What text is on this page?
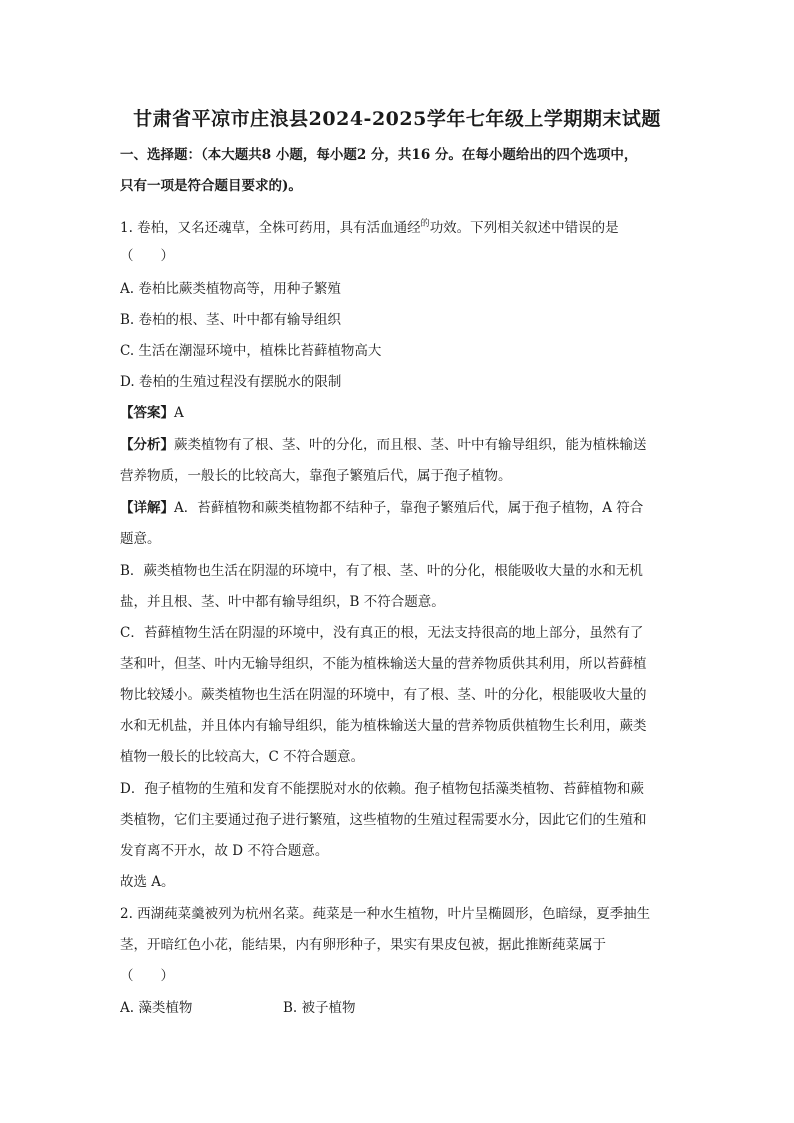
甘肃省平凉市庄浪县2024-2025学年七年级上学期期末试题
一、选择题：（本大题共8 小题，每小题2 分，共16 分。在每小题给出的四个选项中，
只有一项是符合题目要求的)。
1. 卷柏，又名还魂草，全株可药用，具有活血通经$^的$功效。下列相关叙述中错误的是
（　　）
A. 卷柏比蕨类植物高等，用种子繁殖
B. 卷柏的根、茎、叶中都有输导组织
C. 生活在潮湿环境中，植株比苔藓植物高大
D. 卷柏的生殖过程没有摆脱水的限制
【答案】A
【分析】蕨类植物有了根、茎、叶的分化，而且根、茎、叶中有输导组织，能为植株输送
营养物质，一般长的比较高大，靠孢子繁殖后代，属于孢子植物。
【详解】A．苔藓植物和蕨类植物都不结种子，靠孢子繁殖后代，属于孢子植物，A 符合
题意。
B．蕨类植物也生活在阴湿的环境中，有了根、茎、叶的分化，根能吸收大量的水和无机
盐，并且根、茎、叶中都有输导组织，B 不符合题意。
C．苔藓植物生活在阴湿的环境中，没有真正的根，无法支持很高的地上部分，虽然有了
茎和叶，但茎、叶内无输导组织，不能为植株输送大量的营养物质供其利用，所以苔藓植
物比较矮小。蕨类植物也生活在阴湿的环境中，有了根、茎、叶的分化，根能吸收大量的
水和无机盐，并且体内有输导组织，能为植株输送大量的营养物质供植物生长利用，蕨类
植物一般长的比较高大，C 不符合题意。
D．孢子植物的生殖和发育不能摆脱对水的依赖。孢子植物包括藻类植物、苔藓植物和蕨
类植物，它们主要通过孢子进行繁殖，这些植物的生殖过程需要水分，因此它们的生殖和
发育离不开水，故 D 不符合题意。
故选 A。
2. 西湖莼菜羹被列为杭州名菜。莼菜是一种水生植物，叶片呈椭圆形，色暗绿，夏季抽生
茎，开暗红色小花，能结果，内有卵形种子，果实有果皮包被，据此推断莼菜属于
（　　）
A. 藻类植物	B. 被子植物
